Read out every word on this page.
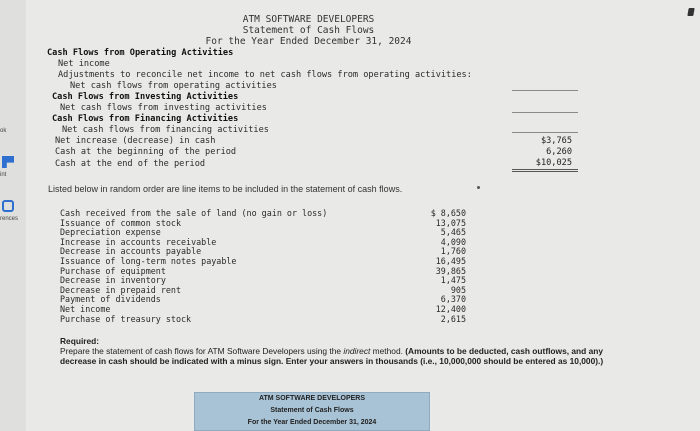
ok
int
rences
ATM SOFTWARE DEVELOPERS
Statement of Cash Flows
For the Year Ended December 31, 2024
Cash Flows from Operating Activities
Net income
Adjustments to reconcile net income to net cash flows from operating activities:
Net cash flows from operating activities
Cash Flows from Investing Activities
Net cash flows from investing activities
Cash Flows from Financing Activities
Net cash flows from financing activities
Net increase (decrease) in cash
Cash at the beginning of the period
Cash at the end of the period
$3,765
6,260
$10,025
Listed below in random order are line items to be included in the statement of cash flows.
Cash received from the sale of land (no gain or loss)
Issuance of common stock
Depreciation expense
Increase in accounts receivable
Decrease in accounts payable
Issuance of long-term notes payable
Purchase of equipment
Decrease in inventory
Decrease in prepaid rent
Payment of dividends
Net income
Purchase of treasury stock
$ 8,650
13,075
5,465
4,090
1,760
16,495
39,865
1,475
905
6,370
12,400
2,615
Required:
Prepare the statement of cash flows for ATM Software Developers using the indirect method. (Amounts to be deducted, cash outflows, and any decrease in cash should be indicated with a minus sign. Enter your answers in thousands (i.e., 10,000,000 should be entered as 10,000).)
ATM SOFTWARE DEVELOPERS
Statement of Cash Flows
For the Year Ended December 31, 2024
